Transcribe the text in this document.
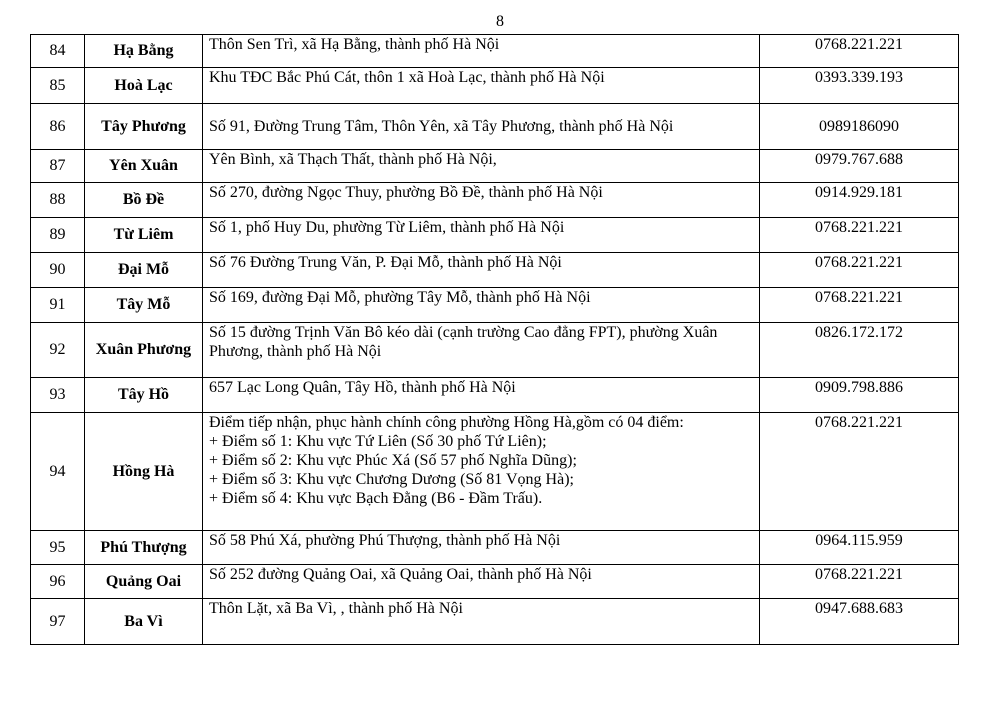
8
84	Hạ Bằng	Thôn Sen Trì, xã Hạ Bằng, thành phố Hà Nội	0768.221.221
85	Hoà Lạc	Khu TĐC Bắc Phú Cát, thôn 1 xã Hoà Lạc, thành phố Hà Nội	0393.339.193
86	Tây Phương	Số 91, Đường Trung Tâm, Thôn Yên, xã Tây Phương, thành phố Hà Nội	0989186090
87	Yên Xuân	Yên Bình, xã Thạch Thất, thành phố Hà Nội,	0979.767.688
88	Bồ Đề	Số 270, đường Ngọc Thuy, phường Bồ Đề, thành phố Hà Nội	0914.929.181
89	Từ Liêm	Số 1, phố Huy Du, phường Từ Liêm, thành phố Hà Nội	0768.221.221
90	Đại Mỗ	Số 76 Đường Trung Văn, P. Đại Mỗ, thành phố Hà Nội	0768.221.221
91	Tây Mỗ	Số 169, đường Đại Mỗ, phường Tây Mỗ, thành phố Hà Nội	0768.221.221
92	Xuân Phương	Số 15 đường Trịnh Văn Bô kéo dài (cạnh trường Cao đẳng FPT), phường Xuân
Phương, thành phố Hà Nội	0826.172.172
93	Tây Hồ	657 Lạc Long Quân, Tây Hồ, thành phố Hà Nội	0909.798.886
94	Hồng Hà	Điểm tiếp nhận, phục hành chính công phường Hồng Hà,gồm có 04 điểm:
+ Điểm số 1: Khu vực Tứ Liên (Số 30 phố Tứ Liên);
+ Điểm số 2: Khu vực Phúc Xá (Số 57 phố Nghĩa Dũng);
+ Điểm số 3: Khu vực Chương Dương (Số 81 Vọng Hà);
+ Điểm số 4: Khu vực Bạch Đằng (B6 - Đầm Trấu).	0768.221.221
95	Phú Thượng	Số 58 Phú Xá, phường Phú Thượng, thành phố Hà Nội	0964.115.959
96	Quảng Oai	Số 252 đường Quảng Oai, xã Quảng Oai, thành phố Hà Nội	0768.221.221
97	Ba Vì	Thôn Lặt, xã Ba Vì, , thành phố Hà Nội	0947.688.683
